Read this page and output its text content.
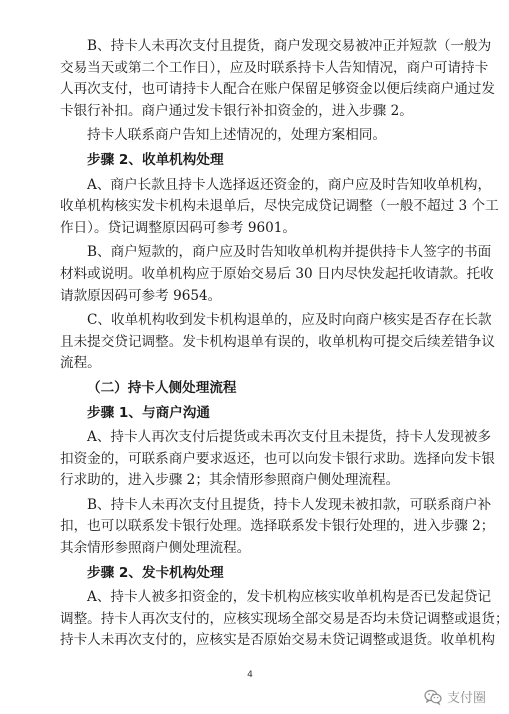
B、持卡人未再次支付且提货，商户发现交易被冲正并短款（一般为
交易当天或第二个工作日），应及时联系持卡人告知情况，商户可请持卡
人再次支付，也可请持卡人配合在账户保留足够资金以便后续商户通过发
卡银行补扣。商户通过发卡银行补扣资金的，进入步骤 2。
持卡人联系商户告知上述情况的，处理方案相同。
步骤 2、收单机构处理
A、商户长款且持卡人选择返还资金的，商户应及时告知收单机构，
收单机构核实发卡机构未退单后，尽快完成贷记调整（一般不超过 3 个工
作日）。贷记调整原因码可参考 9601。
B、商户短款的，商户应及时告知收单机构并提供持卡人签字的书面
材料或说明。收单机构应于原始交易后 30 日内尽快发起托收请款。托收
请款原因码可参考 9654。
C、收单机构收到发卡机构退单的，应及时向商户核实是否存在长款
且未提交贷记调整。发卡机构退单有误的，收单机构可提交后续差错争议
流程。
（二）持卡人侧处理流程
步骤 1、与商户沟通
A、持卡人再次支付后提货或未再次支付且未提货，持卡人发现被多
扣资金的，可联系商户要求返还，也可以向发卡银行求助。选择向发卡银
行求助的，进入步骤 2；其余情形参照商户侧处理流程。
B、持卡人未再次支付且提货，持卡人发现未被扣款，可联系商户补
扣，也可以联系发卡银行处理。选择联系发卡银行处理的，进入步骤 2；
其余情形参照商户侧处理流程。
步骤 2、发卡机构处理
A、持卡人被多扣资金的，发卡机构应核实收单机构是否已发起贷记
调整。持卡人再次支付的，应核实现场全部交易是否均未贷记调整或退货；
持卡人未再次支付的，应核实是否原始交易未贷记调整或退货。收单机构
4
支付圈
